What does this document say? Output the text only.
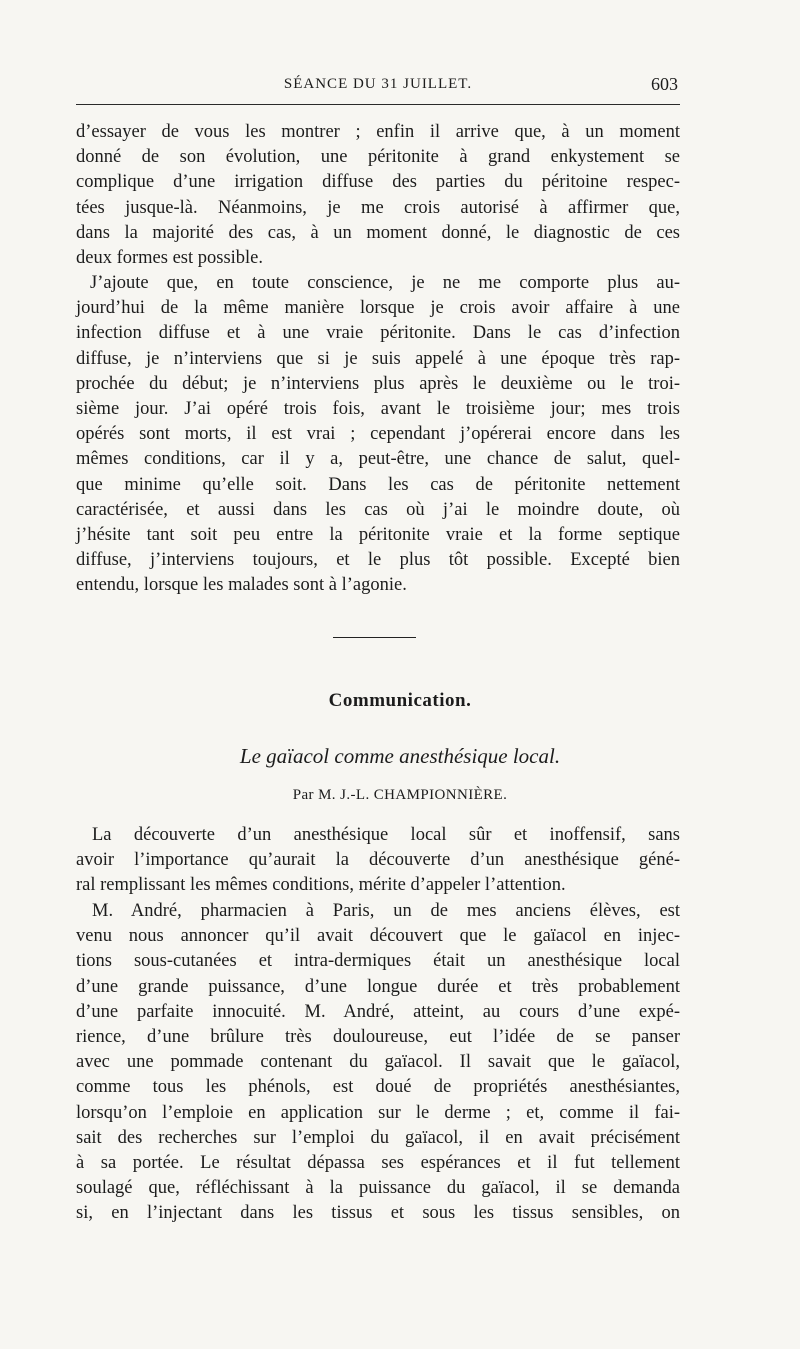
SÉANCE DU 31 JUILLET.	603
d’essayer de vous les montrer ; enfin il arrive que, à un moment
donné de son évolution, une péritonite à grand enkystement se
complique d’une irrigation diffuse des parties du péritoine respec-
tées jusque-là. Néanmoins, je me crois autorisé à affirmer que,
dans la majorité des cas, à un moment donné, le diagnostic de ces
deux formes est possible.
J’ajoute que, en toute conscience, je ne me comporte plus au-
jourd’hui de la même manière lorsque je crois avoir affaire à une
infection diffuse et à une vraie péritonite. Dans le cas d’infection
diffuse, je n’interviens que si je suis appelé à une époque très rap-
prochée du début; je n’interviens plus après le deuxième ou le troi-
sième jour. J’ai opéré trois fois, avant le troisième jour; mes trois
opérés sont morts, il est vrai ; cependant j’opérerai encore dans les
mêmes conditions, car il y a, peut-être, une chance de salut, quel-
que minime qu’elle soit. Dans les cas de péritonite nettement
caractérisée, et aussi dans les cas où j’ai le moindre doute, où
j’hésite tant soit peu entre la péritonite vraie et la forme septique
diffuse, j’interviens toujours, et le plus tôt possible. Excepté bien
entendu, lorsque les malades sont à l’agonie.
Communication.
Le gaïacol comme anesthésique local.
Par M. J.-L. CHAMPIONNIÈRE.
La découverte d’un anesthésique local sûr et inoffensif, sans
avoir l’importance qu’aurait la découverte d’un anesthésique géné-
ral remplissant les mêmes conditions, mérite d’appeler l’attention.
M. André, pharmacien à Paris, un de mes anciens élèves, est
venu nous annoncer qu’il avait découvert que le gaïacol en injec-
tions sous-cutanées et intra-dermiques était un anesthésique local
d’une grande puissance, d’une longue durée et très probablement
d’une parfaite innocuité. M. André, atteint, au cours d’une expé-
rience, d’une brûlure très douloureuse, eut l’idée de se panser
avec une pommade contenant du gaïacol. Il savait que le gaïacol,
comme tous les phénols, est doué de propriétés anesthésiantes,
lorsqu’on l’emploie en application sur le derme ; et, comme il fai-
sait des recherches sur l’emploi du gaïacol, il en avait précisément
à sa portée. Le résultat dépassa ses espérances et il fut tellement
soulagé que, réfléchissant à la puissance du gaïacol, il se demanda
si, en l’injectant dans les tissus et sous les tissus sensibles, on
